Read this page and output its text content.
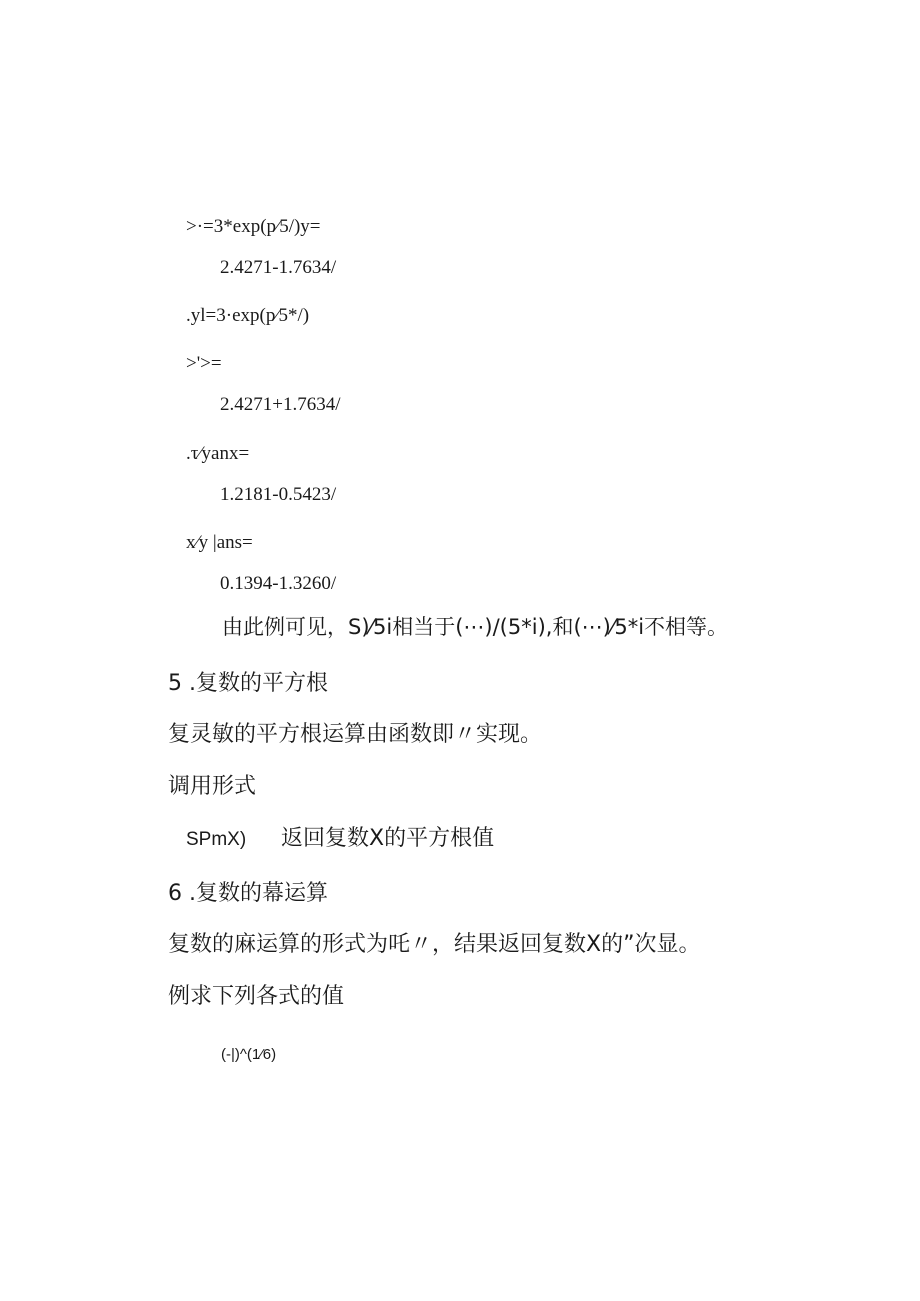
>·=3*exp(p⁄5/)y=
2.4271-1.7634/
.yl=3·exp(p⁄5*/)
>'>=
2.4271+1.7634/
.τ⁄yanx=
1.2181-0.5423/
x⁄y |ans=
0.1394-1.3260/
由此例可见，S)⁄5i相当于(⋯)/(5*i),和(⋯)⁄5*i不相等。
5 .复数的平方根
复灵敏的平方根运算由函数即〃实现。
调用形式
SPmX) 返回复数X的平方根值
6 .复数的幕运算
复数的麻运算的形式为吒〃，结果返回复数X的”次显。
例求下列各式的值
(-|)^(1⁄6)
